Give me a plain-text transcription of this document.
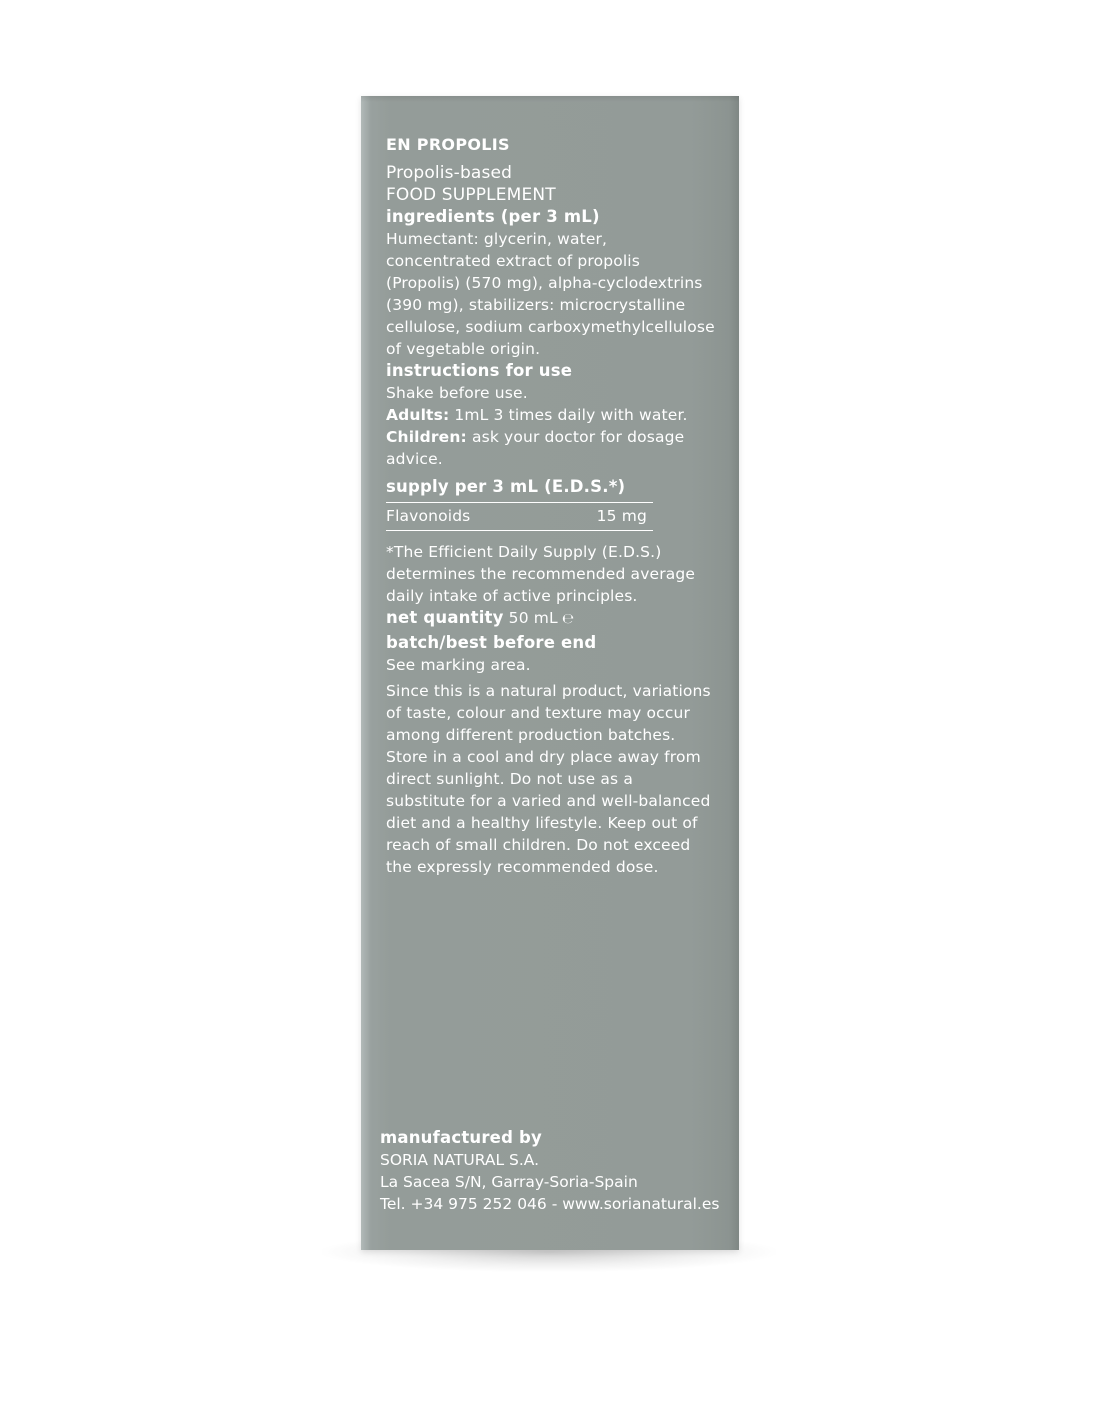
EN PROPOLIS

Propolis-based

FOOD SUPPLEMENT

ingredients (per 3 mL)

Humectant: glycerin, water,

concentrated extract of propolis

(Propolis) (570 mg), alpha-cyclodextrins

(390 mg), stabilizers: microcrystalline

cellulose, sodium carboxymethylcellulose

of vegetable origin.

instructions for use

Shake before use.

Adults: 1mL 3 times daily with water.

Children: ask your doctor for dosage

advice.

supply per 3 mL (E.D.S.*)

Flavonoids	15 mg

*The Efficient Daily Supply (E.D.S.)

determines the recommended average

daily intake of active principles.

net quantity 50 mL ℮

batch/best before end

See marking area.

Since this is a natural product, variations

of taste, colour and texture may occur

among different production batches.

Store in a cool and dry place away from

direct sunlight. Do not use as a

substitute for a varied and well-balanced

diet and a healthy lifestyle. Keep out of

reach of small children. Do not exceed

the expressly recommended dose.

manufactured by

SORIA NATURAL S.A.

La Sacea S/N, Garray-Soria-Spain

Tel. +34 975 252 046 - www.sorianatural.es
